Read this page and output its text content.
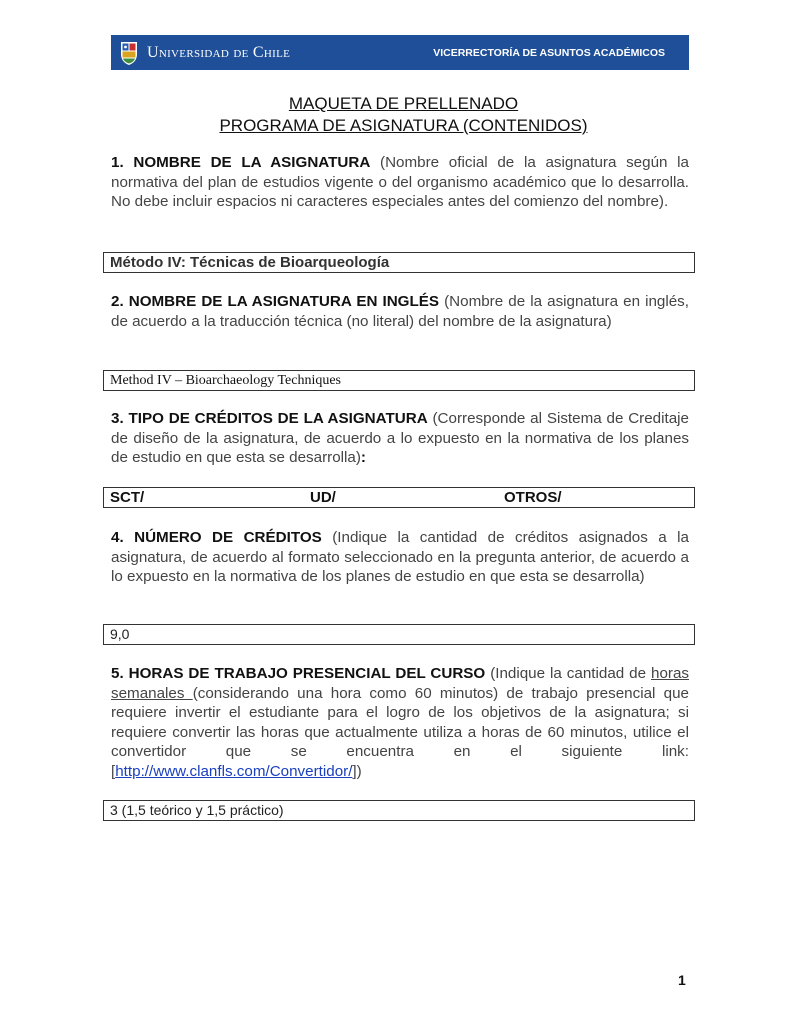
Universidad de Chile	VICERRECTORÍA DE ASUNTOS ACADÉMICOS
MAQUETA DE PRELLENADO
PROGRAMA DE ASIGNATURA (CONTENIDOS)
1. NOMBRE DE LA ASIGNATURA (Nombre oficial de la asignatura según la normativa del plan de estudios vigente o del organismo académico que lo desarrolla. No debe incluir espacios ni caracteres especiales antes del comienzo del nombre).
Método IV: Técnicas de Bioarqueología
2. NOMBRE DE LA ASIGNATURA EN INGLÉS (Nombre de la asignatura en inglés, de acuerdo a la traducción técnica (no literal) del nombre de la asignatura)
Method IV – Bioarchaeology Techniques
3. TIPO DE CRÉDITOS DE LA ASIGNATURA (Corresponde al Sistema de Creditaje de diseño de la asignatura, de acuerdo a lo expuesto en la normativa de los planes de estudio en que esta se desarrolla):
SCT/	UD/	OTROS/
4. NÚMERO DE CRÉDITOS (Indique la cantidad de créditos asignados a la asignatura, de acuerdo al formato seleccionado en la pregunta anterior, de acuerdo a lo expuesto en la normativa de los planes de estudio en que esta se desarrolla)
9,0
5. HORAS DE TRABAJO PRESENCIAL DEL CURSO (Indique la cantidad de horas semanales (considerando una hora como 60 minutos) de trabajo presencial que requiere invertir el estudiante para el logro de los objetivos de la asignatura; si requiere convertir las horas que actualmente utiliza a horas de 60 minutos, utilice el convertidor que se encuentra en el siguiente link: [http://www.clanfls.com/Convertidor/])
3 (1,5 teórico y 1,5 práctico)
1
